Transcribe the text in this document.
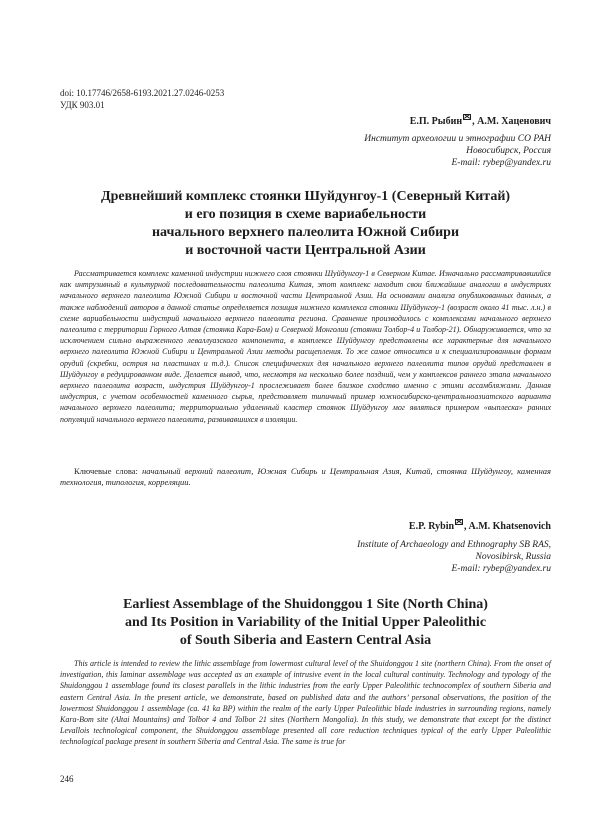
doi: 10.17746/2658-6193.2021.27.0246-0253
УДК 903.01
Е.П. Рыбин , А.М. Хаценович
Институт археологии и этнографии СО РАН
Новосибирск, Россия
E-mail: rybep@yandex.ru
Древнейший комплекс стоянки Шуйдунгоу-1 (Северный Китай)
и его позиция в схеме вариабельности
начального верхнего палеолита Южной Сибири
и восточной части Центральной Азии

Рассматривается комплекс каменной индустрии нижнего слоя стоянки Шуйдунгоу-1 в Северном Китае. Изначально рассматривавшийся как интрузивный в культурной последовательности палеолита Китая, этот комплекс находит свои ближайшие аналогии в индустриях начального верхнего палеолита Южной Сибири и восточной части Центральной Азии. На основании анализа опубликованных данных, а также наблюдений авторов в данной статье определяется позиция нижнего комплекса стоянки Шуйдунгоу-1 (возраст около 41 тыс. л.н.) в схеме вариабельности индустрий начального верхнего палеолита региона. Сравнение производилось с комплексами начального верхнего палеолита с территории Горного Алтая (стоянка Кара-Бом) и Северной Монголии (стоянки Толбор-4 и Толбор-21). Обнаруживается, что за исключением сильно выраженного леваллуазского компонента, в комплексе Шуйдунгоу представлены все характерные для начального верхнего палеолита Южной Сибири и Центральной Азии методы расщепления. То же самое относится и к специализированным формам орудий (скребки, острия на пластинах и т.д.). Список специфических для начального верхнего палеолита типов орудий представлен в Шуйдунгоу в редуцированном виде. Делается вывод, что, несмотря на несколько более поздний, чем у комплексов раннего этапа начального верхнего палеолита возраст, индустрия Шуйдунгоу-1 прослеживает более близкое сходство именно с этими ассамбляжами. Данная индустрия, с учетом особенностей каменного сырья, представляет типичный пример южносибирско-центральноазиатского варианта начального верхнего палеолита; территориально удаленный кластер стоянок Шуйдунгоу мог являться примером «выплеска» ранних популяций начального верхнего палеолита, развивавшихся в изоляции.

Ключевые слова: начальный верхний палеолит, Южная Сибирь и Центральная Азия, Китай, стоянка Шуйдунгоу, каменная технология, типология, корреляции.

E.P. Rybin , A.M. Khatsenovich
Institute of Archaeology and Ethnography SB RAS,
Novosibirsk, Russia
E-mail: rybep@yandex.ru
Earliest Assemblage of the Shuidonggou 1 Site (North China)
and Its Position in Variability of the Initial Upper Paleolithic
of South Siberia and Eastern Central Asia

This article is intended to review the lithic assemblage from lowermost cultural level of the Shuidonggou 1 site (northern China). From the onset of investigation, this laminar assemblage was accepted as an example of intrusive event in the local cultural continuity. Technology and typology of the Shuidonggou 1 assemblage found its closest parallels in the lithic industries from the early Upper Paleolithic technocomplex of southern Siberia and eastern Central Asia. In the present article, we demonstrate, based on published data and the authors’ personal observations, the position of the lowermost Shuidonggou 1 assemblage (ca. 41 ka BP) within the realm of the early Upper Paleolithic blade industries in surrounding regions, namely Kara-Bom site (Altai Mountains) and Tolbor 4 and Tolbor 21 sites (Northern Mongolia). In this study, we demonstrate that except for the distinct Levallois technological component, the Shuidonggou assemblage presented all core reduction techniques typical of the early Upper Paleolithic technological package present in southern Siberia and Central Asia. The same is true for

246
